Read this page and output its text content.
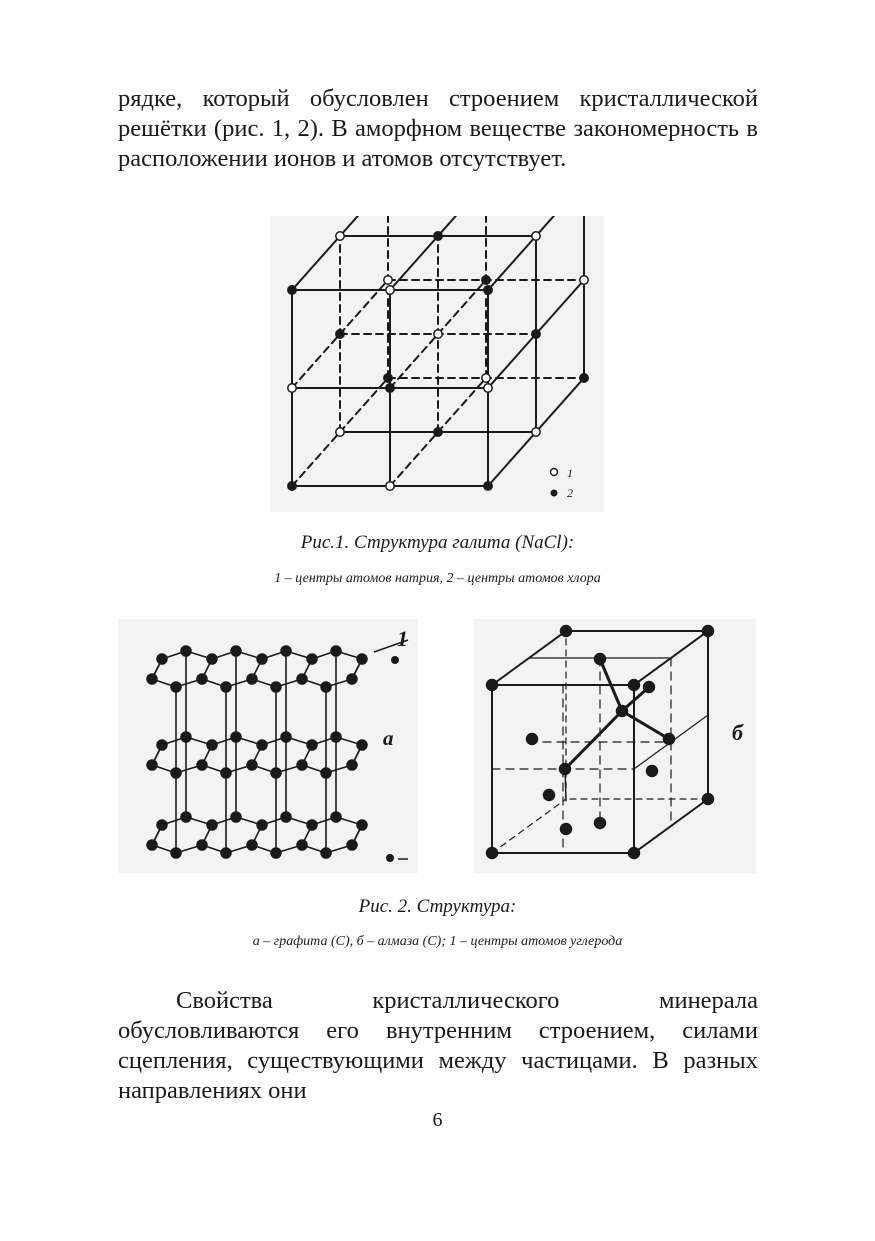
рядке, который обусловлен строением кристаллической решётки (рис. 1, 2). В аморфном веществе закономерность в расположении ионов и атомов отсутствует.

1
2
Рис.1. Структура галита (NaCl):
1 – центры атомов натрия, 2 – центры атомов хлора
1
а	б
Рис. 2. Структура:
а – графита (С), б – алмаза (С); 1 – центры атомов углерода

Свойства кристаллического минерала обусловливаются его внутренним строением, силами сцепления, существующими между частицами. В разных направлениях они

6
